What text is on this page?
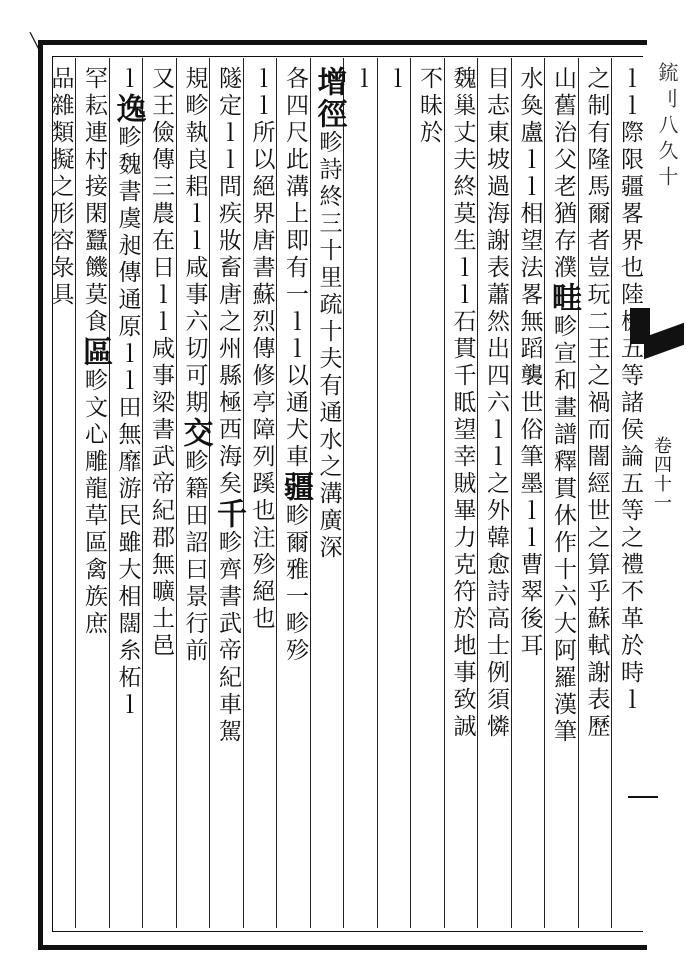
╲
鋶刂八久十
卷四十一
ｌｌ際限疆畧界也陸機五等諸侯論五等之禮不革於時ｌ
之制有隆馬爾者豈玩二王之禍而闇經世之算乎蘇軾謝表歷
山舊治父老猶存濮畦畛宣和畫譜釋貫休作十六大阿羅漢筆
水奐盧ｌｌ相望法畧無蹈襲世俗筆墨ｌｌ曹翠後耳
目志東坡過海謝表蕭然出四六ｌｌ之外韓愈詩高士例須憐
魏巢丈夫終莫生ｌｌ石貫千眡望幸賊畢力克符於地事致誠
不昧於
ｌ
ｌ
增徑畛詩終三十里疏十夫有通水之溝廣深
各四尺此溝上即有一ｌｌ以通犬車疆畛爾雅一畛殄
ｌｌ所以絕界唐書蘇烈傳修亭障列蹊也注殄絕也
隧定ｌｌ問疾妝畜唐之州縣極西海矣千畛齊書武帝紀車駕
規畛執良耜ｌｌ咸事六切可期交畛籍田詔曰景行前
又王儉傳三農在日ｌｌ咸事梁書武帝紀郡無曠土邑
ｌ逸畛魏書虞昶傳通原ｌｌ田無靡游民雖大相闊糸柘ｌ
罕耘連村接閑蠶饑莫食區畛文心雕龍草區禽族庶
品雜類擬之形容彔具
